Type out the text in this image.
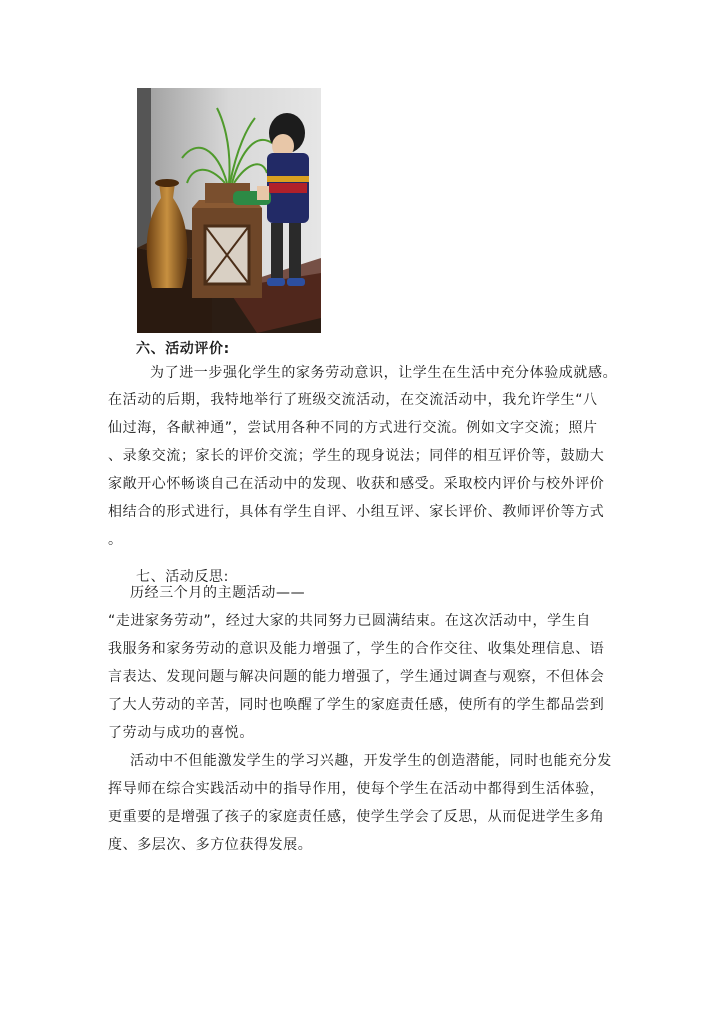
六、活动评价:
为了进一步强化学生的家务劳动意识，让学生在生活中充分体验成就感。
在活动的后期，我特地举行了班级交流活动，在交流活动中，我允许学生“八
仙过海，各献神通”，尝试用各种不同的方式进行交流。例如文字交流；照片
、录象交流；家长的评价交流；学生的现身说法；同伴的相互评价等，鼓励大
家敞开心怀畅谈自己在活动中的发现、收获和感受。采取校内评价与校外评价
相结合的形式进行，具体有学生自评、小组互评、家长评价、教师评价等方式
。
七、活动反思:
历经三个月的主题活动——
“走进家务劳动”，经过大家的共同努力已圆满结束。在这次活动中，学生自
我服务和家务劳动的意识及能力增强了，学生的合作交往、收集处理信息、语
言表达、发现问题与解决问题的能力增强了，学生通过调查与观察，不但体会
了大人劳动的辛苦，同时也唤醒了学生的家庭责任感，使所有的学生都品尝到
了劳动与成功的喜悦。
活动中不但能激发学生的学习兴趣，开发学生的创造潜能，同时也能充分发
挥导师在综合实践活动中的指导作用，使每个学生在活动中都得到生活体验，
更重要的是增强了孩子的家庭责任感，使学生学会了反思，从而促进学生多角
度、多层次、多方位获得发展。
